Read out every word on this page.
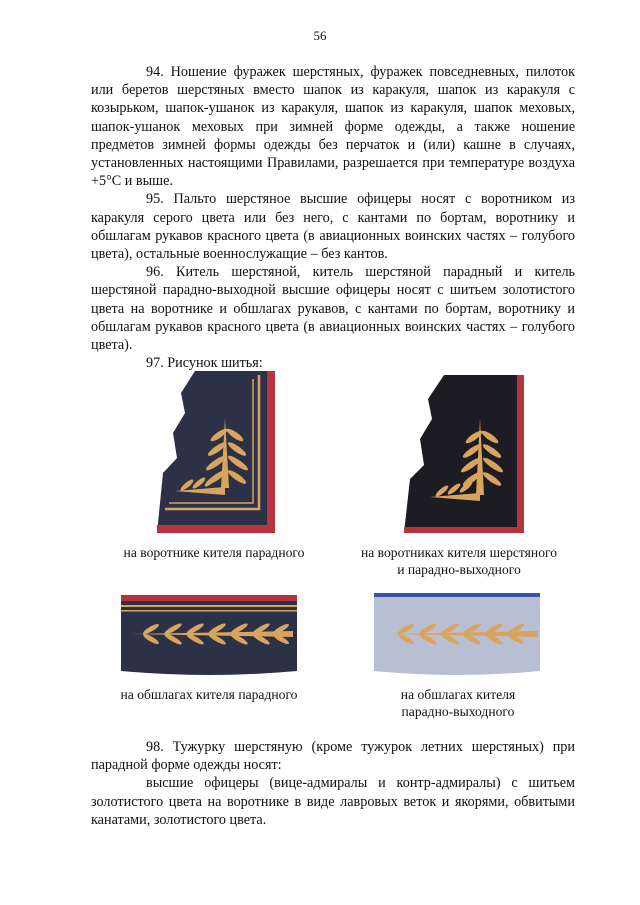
56

94. Ношение фуражек шерстяных, фуражек повседневных, пилоток или беретов шерстяных вместо шапок из каракуля, шапок из каракуля с козырьком, шапок-ушанок из каракуля, шапок из каракуля, шапок меховых, шапок-ушанок меховых при зимней форме одежды, а также ношение предметов зимней формы одежды без перчаток и (или) кашне в случаях, установленных настоящими Правилами, разрешается при температуре воздуха +5°С и выше.

95. Пальто шерстяное высшие офицеры носят с воротником из каракуля серого цвета или без него, с кантами по бортам, воротнику и обшлагам рукавов красного цвета (в авиационных воинских частях – голубого цвета), остальные военнослужащие – без кантов.

96. Китель шерстяной, китель шерстяной парадный и китель шерстяной парадно-выходной высшие офицеры носят с шитьем золотистого цвета на воротнике и обшлагах рукавов, с кантами по бортам, воротнику и обшлагам рукавов красного цвета (в авиационных воинских частях – голубого цвета).

97. Рисунок шитья:

на воротнике кителя парадного	на воротниках кителя шерстяного
и парадно-выходного
на обшлагах кителя парадного	на обшлагах кителя
парадно-выходного

98. Тужурку шерстяную (кроме тужурок летних шерстяных) при парадной форме одежды носят:

высшие офицеры (вице-адмиралы и контр-адмиралы) с шитьем золотистого цвета на воротнике в виде лавровых веток и якорями, обвитыми канатами, золотистого цвета.
